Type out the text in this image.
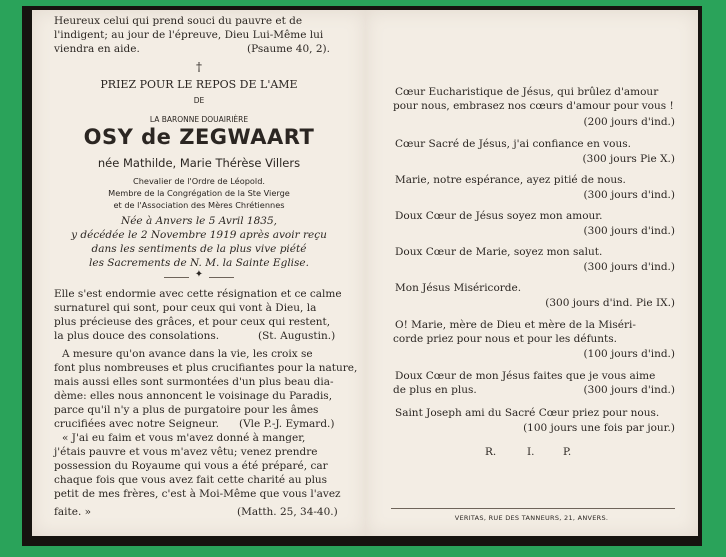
Heureux celui qui prend souci du pauvre et de
l'indigent; au jour de l'épreuve, Dieu Lui-Même lui
viendra en aide.	(Psaume 40, 2).
†
PRIEZ POUR LE REPOS DE L'AME
DE
LA BARONNE DOUAIRIÈRE
OSY de ZEGWAART
née Mathilde, Marie Thérèse Villers
Chevalier de l'Ordre de Léopold.
Membre de la Congrégation de la Ste Vierge
et de l'Association des Mères Chrétiennes
Née à Anvers le 5 Avril 1835,
y décédée le 2 Novembre 1919 après avoir reçu
dans les sentiments de la plus vive piété
les Sacrements de N. M. la Sainte Eglise.
✦
Elle s'est endormie avec cette résignation et ce calme
surnaturel qui sont, pour ceux qui vont à Dieu, la
plus précieuse des grâces, et pour ceux qui restent,
la plus douce des consolations.	(St. Augustin.)
A mesure qu'on avance dans la vie, les croix se
font plus nombreuses et plus crucifiantes pour la nature,
mais aussi elles sont surmontées d'un plus beau dia-
dème: elles nous annoncent le voisinage du Paradis,
parce qu'il n'y a plus de purgatoire pour les âmes
crucifiées avec notre Seigneur. (Vle P.-J. Eymard.)
« J'ai eu faim et vous m'avez donné à manger,
j'étais pauvre et vous m'avez vêtu; venez prendre
possession du Royaume qui vous a été préparé, car
chaque fois que vous avez fait cette charité au plus
petit de mes frères, c'est à Moi-Même que vous l'avez
faite. »	(Matth. 25, 34-40.)
Cœur Eucharistique de Jésus, qui brûlez d'amour
pour nous, embrasez nos cœurs d'amour pour vous !
(200 jours d'ind.)
Cœur Sacré de Jésus, j'ai confiance en vous.
(300 jours Pie X.)
Marie, notre espérance, ayez pitié de nous.
(300 jours d'ind.)
Doux Cœur de Jésus soyez mon amour.
(300 jours d'ind.)
Doux Cœur de Marie, soyez mon salut.
(300 jours d'ind.)
Mon Jésus Miséricorde.
(300 jours d'ind. Pie IX.)
O! Marie, mère de Dieu et mère de la Miséri-
corde priez pour nous et pour les défunts.
(100 jours d'ind.)
Doux Cœur de mon Jésus faites que je vous aime
de plus en plus.	(300 jours d'ind.)
Saint Joseph ami du Sacré Cœur priez pour nous.
(100 jours une fois par jour.)
R.	I.	P.
VERITAS, RUE DES TANNEURS, 21, ANVERS.
